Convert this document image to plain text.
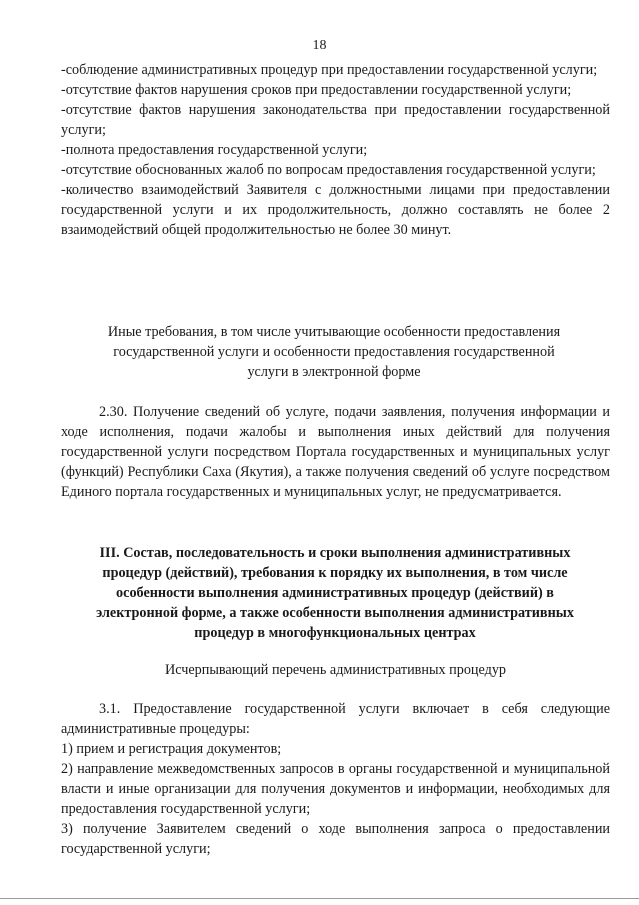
18

-соблюдение административных процедур при предоставлении государственной услуги;

-отсутствие фактов нарушения сроков при предоставлении государственной услуги;

-отсутствие фактов нарушения законодательства при предоставлении государственной услуги;

-полнота предоставления государственной услуги;

-отсутствие обоснованных жалоб по вопросам предоставления государственной услуги;

-количество взаимодействий Заявителя с должностными лицами при предоставлении государственной услуги и их продолжительность, должно составлять не более 2 взаимодействий общей продолжительностью не более 30 минут.

Иные требования, в том числе учитывающие особенности предоставления государственной услуги и особенности предоставления государственной услуги в электронной форме

2.30. Получение сведений об услуге, подачи заявления, получения информации и ходе исполнения, подачи жалобы и выполнения иных действий для получения государственной услуги посредством Портала государственных и муниципальных услуг (функций) Республики Саха (Якутия), а также получения сведений об услуге посредством Единого портала государственных и муниципальных услуг, не предусматривается.

III. Состав, последовательность и сроки выполнения административных процедур (действий), требования к порядку их выполнения, в том числе особенности выполнения административных процедур (действий) в электронной форме, а также особенности выполнения административных процедур в многофункциональных центрах

Исчерпывающий перечень административных процедур

3.1. Предоставление государственной услуги включает в себя следующие административные процедуры:

1) прием и регистрация документов;

2) направление межведомственных запросов в органы государственной и муниципальной власти и иные организации для получения документов и информации, необходимых для предоставления государственной услуги;

3) получение Заявителем сведений о ходе выполнения запроса о предоставлении государственной услуги;
